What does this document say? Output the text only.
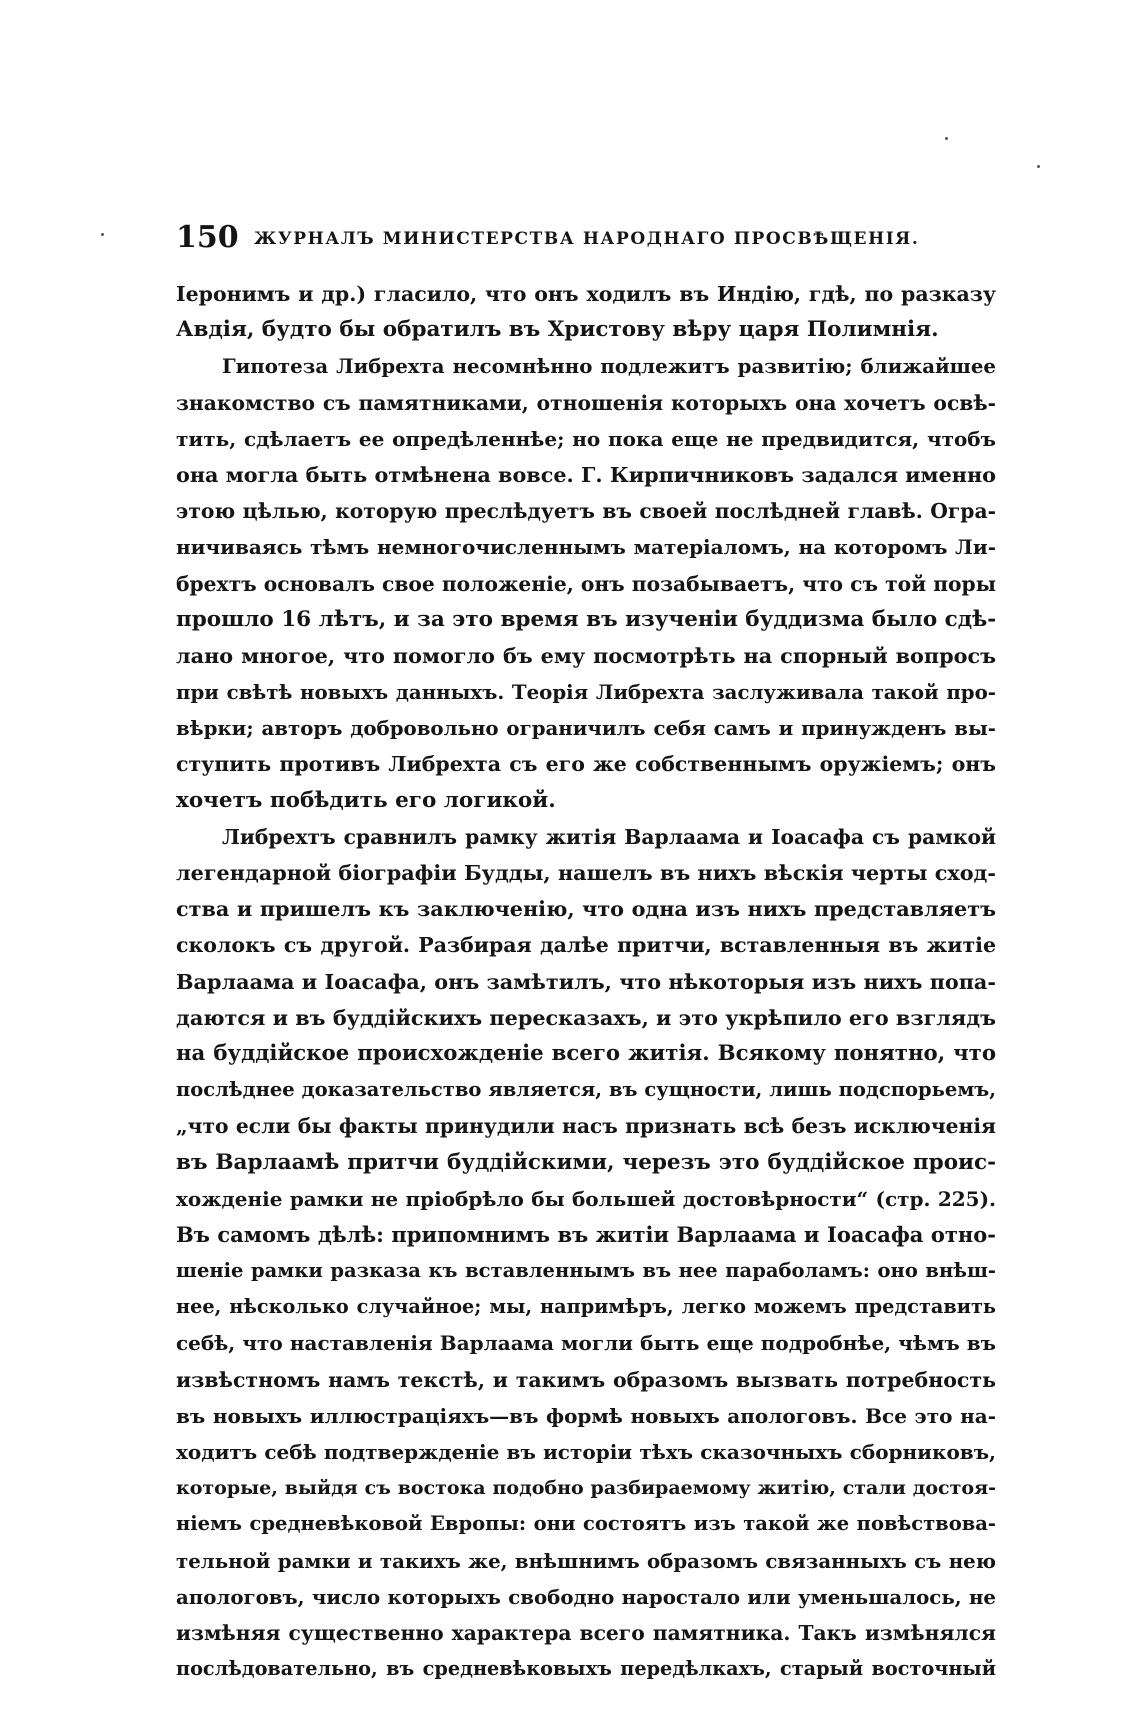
150 ЖУРНАЛЪ МИНИСТЕРСТВА НАРОДНАГО ПРОСВѢЩЕНІЯ.
Іеронимъ и др.) гласило, что онъ ходилъ въ Индію, гдѣ, по разказу
Авдія, будто бы обратилъ въ Христову вѣру царя Полимнія.
Гипотеза Либрехта несомнѣнно подлежитъ развитію; ближайшее
знакомство съ памятниками, отношенія которыхъ она хочетъ освѣ-
тить, сдѣлаетъ ее опредѣленнѣе; но пока еще не предвидится, чтобъ
она могла быть отмѣнена вовсе. Г. Кирпичниковъ задался именно
этою цѣлью, которую преслѣдуетъ въ своей послѣдней главѣ. Огра-
ничиваясь тѣмъ немногочисленнымъ матеріаломъ, на которомъ Ли-
брехтъ основалъ свое положеніе, онъ позабываетъ, что съ той поры
прошло 16 лѣтъ, и за это время въ изученіи буддизма было сдѣ-
лано многое, что помогло бъ ему посмотрѣть на спорный вопросъ
при свѣтѣ новыхъ данныхъ. Теорія Либрехта заслуживала такой про-
вѣрки; авторъ добровольно ограничилъ себя самъ и принужденъ вы-
ступить противъ Либрехта съ его же собственнымъ оружіемъ; онъ
хочетъ побѣдить его логикой.
Либрехтъ сравнилъ рамку житія Варлаама и Іоасафа съ рамкой
легендарной біографіи Будды, нашелъ въ нихъ вѣскія черты сход-
ства и пришелъ къ заключенію, что одна изъ нихъ представляетъ
сколокъ съ другой. Разбирая далѣе притчи, вставленныя въ житіе
Варлаама и Іоасафа, онъ замѣтилъ, что нѣкоторыя изъ нихъ попа-
даются и въ буддійскихъ пересказахъ, и это укрѣпило его взглядъ
на буддійское происхожденіе всего житія. Всякому понятно, что
послѣднее доказательство является, въ сущности, лишь подспорьемъ,
„что если бы факты принудили насъ признать всѣ безъ исключенія
въ Варлаамѣ притчи буддійскими, черезъ это буддійское проис-
хожденіе рамки не пріобрѣло бы большей достовѣрности“ (стр. 225).
Въ самомъ дѣлѣ: припомнимъ въ житіи Варлаама и Іоасафа отно-
шеніе рамки разказа къ вставленнымъ въ нее параболамъ: оно внѣш-
нее, нѣсколько случайное; мы, напримѣръ, легко можемъ представить
себѣ, что наставленія Варлаама могли быть еще подробнѣе, чѣмъ въ
извѣстномъ намъ текстѣ, и такимъ образомъ вызвать потребность
въ новыхъ иллюстраціяхъ—въ формѣ новыхъ апологовъ. Все это на-
ходитъ себѣ подтвержденіе въ исторіи тѣхъ сказочныхъ сборниковъ,
которые, выйдя съ востока подобно разбираемому житію, стали достоя-
ніемъ средневѣковой Европы: они состоятъ изъ такой же повѣствова-
тельной рамки и такихъ же, внѣшнимъ образомъ связанныхъ съ нею
апологовъ, число которыхъ свободно наростало или уменьшалось, не
измѣняя существенно характера всего памятника. Такъ измѣнялся
послѣдовательно, въ средневѣковыхъ передѣлкахъ, старый восточный
